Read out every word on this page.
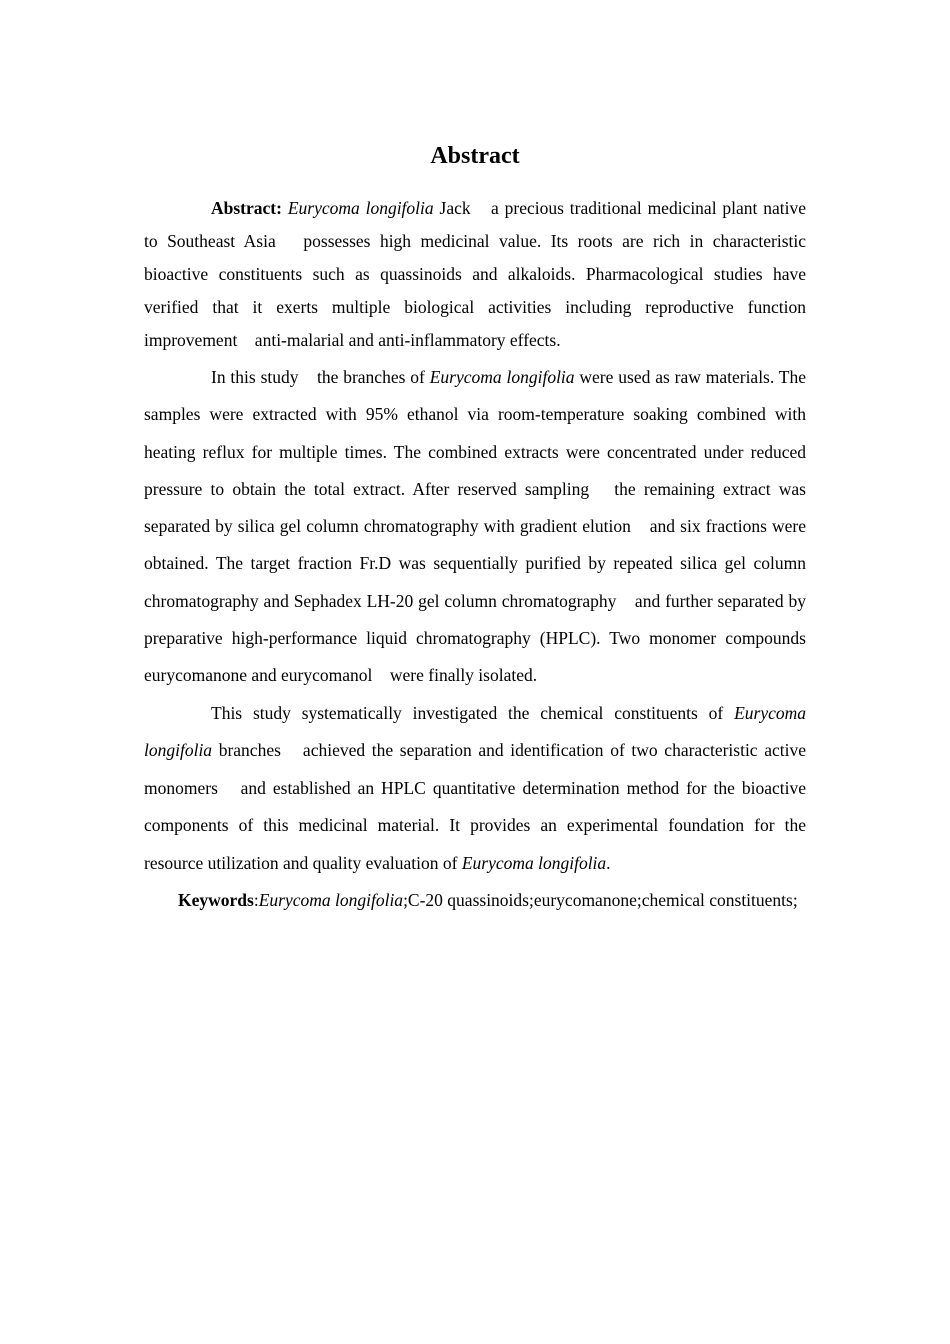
Abstract

Abstract: Eurycoma longifolia Jack　a precious traditional medicinal plant native to Southeast Asia　possesses high medicinal value. Its roots are rich in characteristic bioactive constituents such as quassinoids and alkaloids. Pharmacological studies have verified that it exerts multiple biological activities including reproductive function improvement　anti-malarial and anti-inflammatory effects.

In this study　the branches of Eurycoma longifolia were used as raw materials. The samples were extracted with 95% ethanol via room-temperature soaking combined with heating reflux for multiple times. The combined extracts were concentrated under reduced pressure to obtain the total extract. After reserved sampling　the remaining extract was separated by silica gel column chromatography with gradient elution　and six fractions were obtained. The target fraction Fr.D was sequentially purified by repeated silica gel column chromatography and Sephadex LH-20 gel column chromatography　and further separated by preparative high-performance liquid chromatography (HPLC). Two monomer compounds eurycomanone and eurycomanol　were finally isolated.

This study systematically investigated the chemical constituents of Eurycoma longifolia branches　achieved the separation and identification of two characteristic active monomers　and established an HPLC quantitative determination method for the bioactive components of this medicinal material. It provides an experimental foundation for the resource utilization and quality evaluation of Eurycoma longifolia.

Keywords:Eurycoma longifolia;C-20 quassinoids;eurycomanone;chemical constituents;
